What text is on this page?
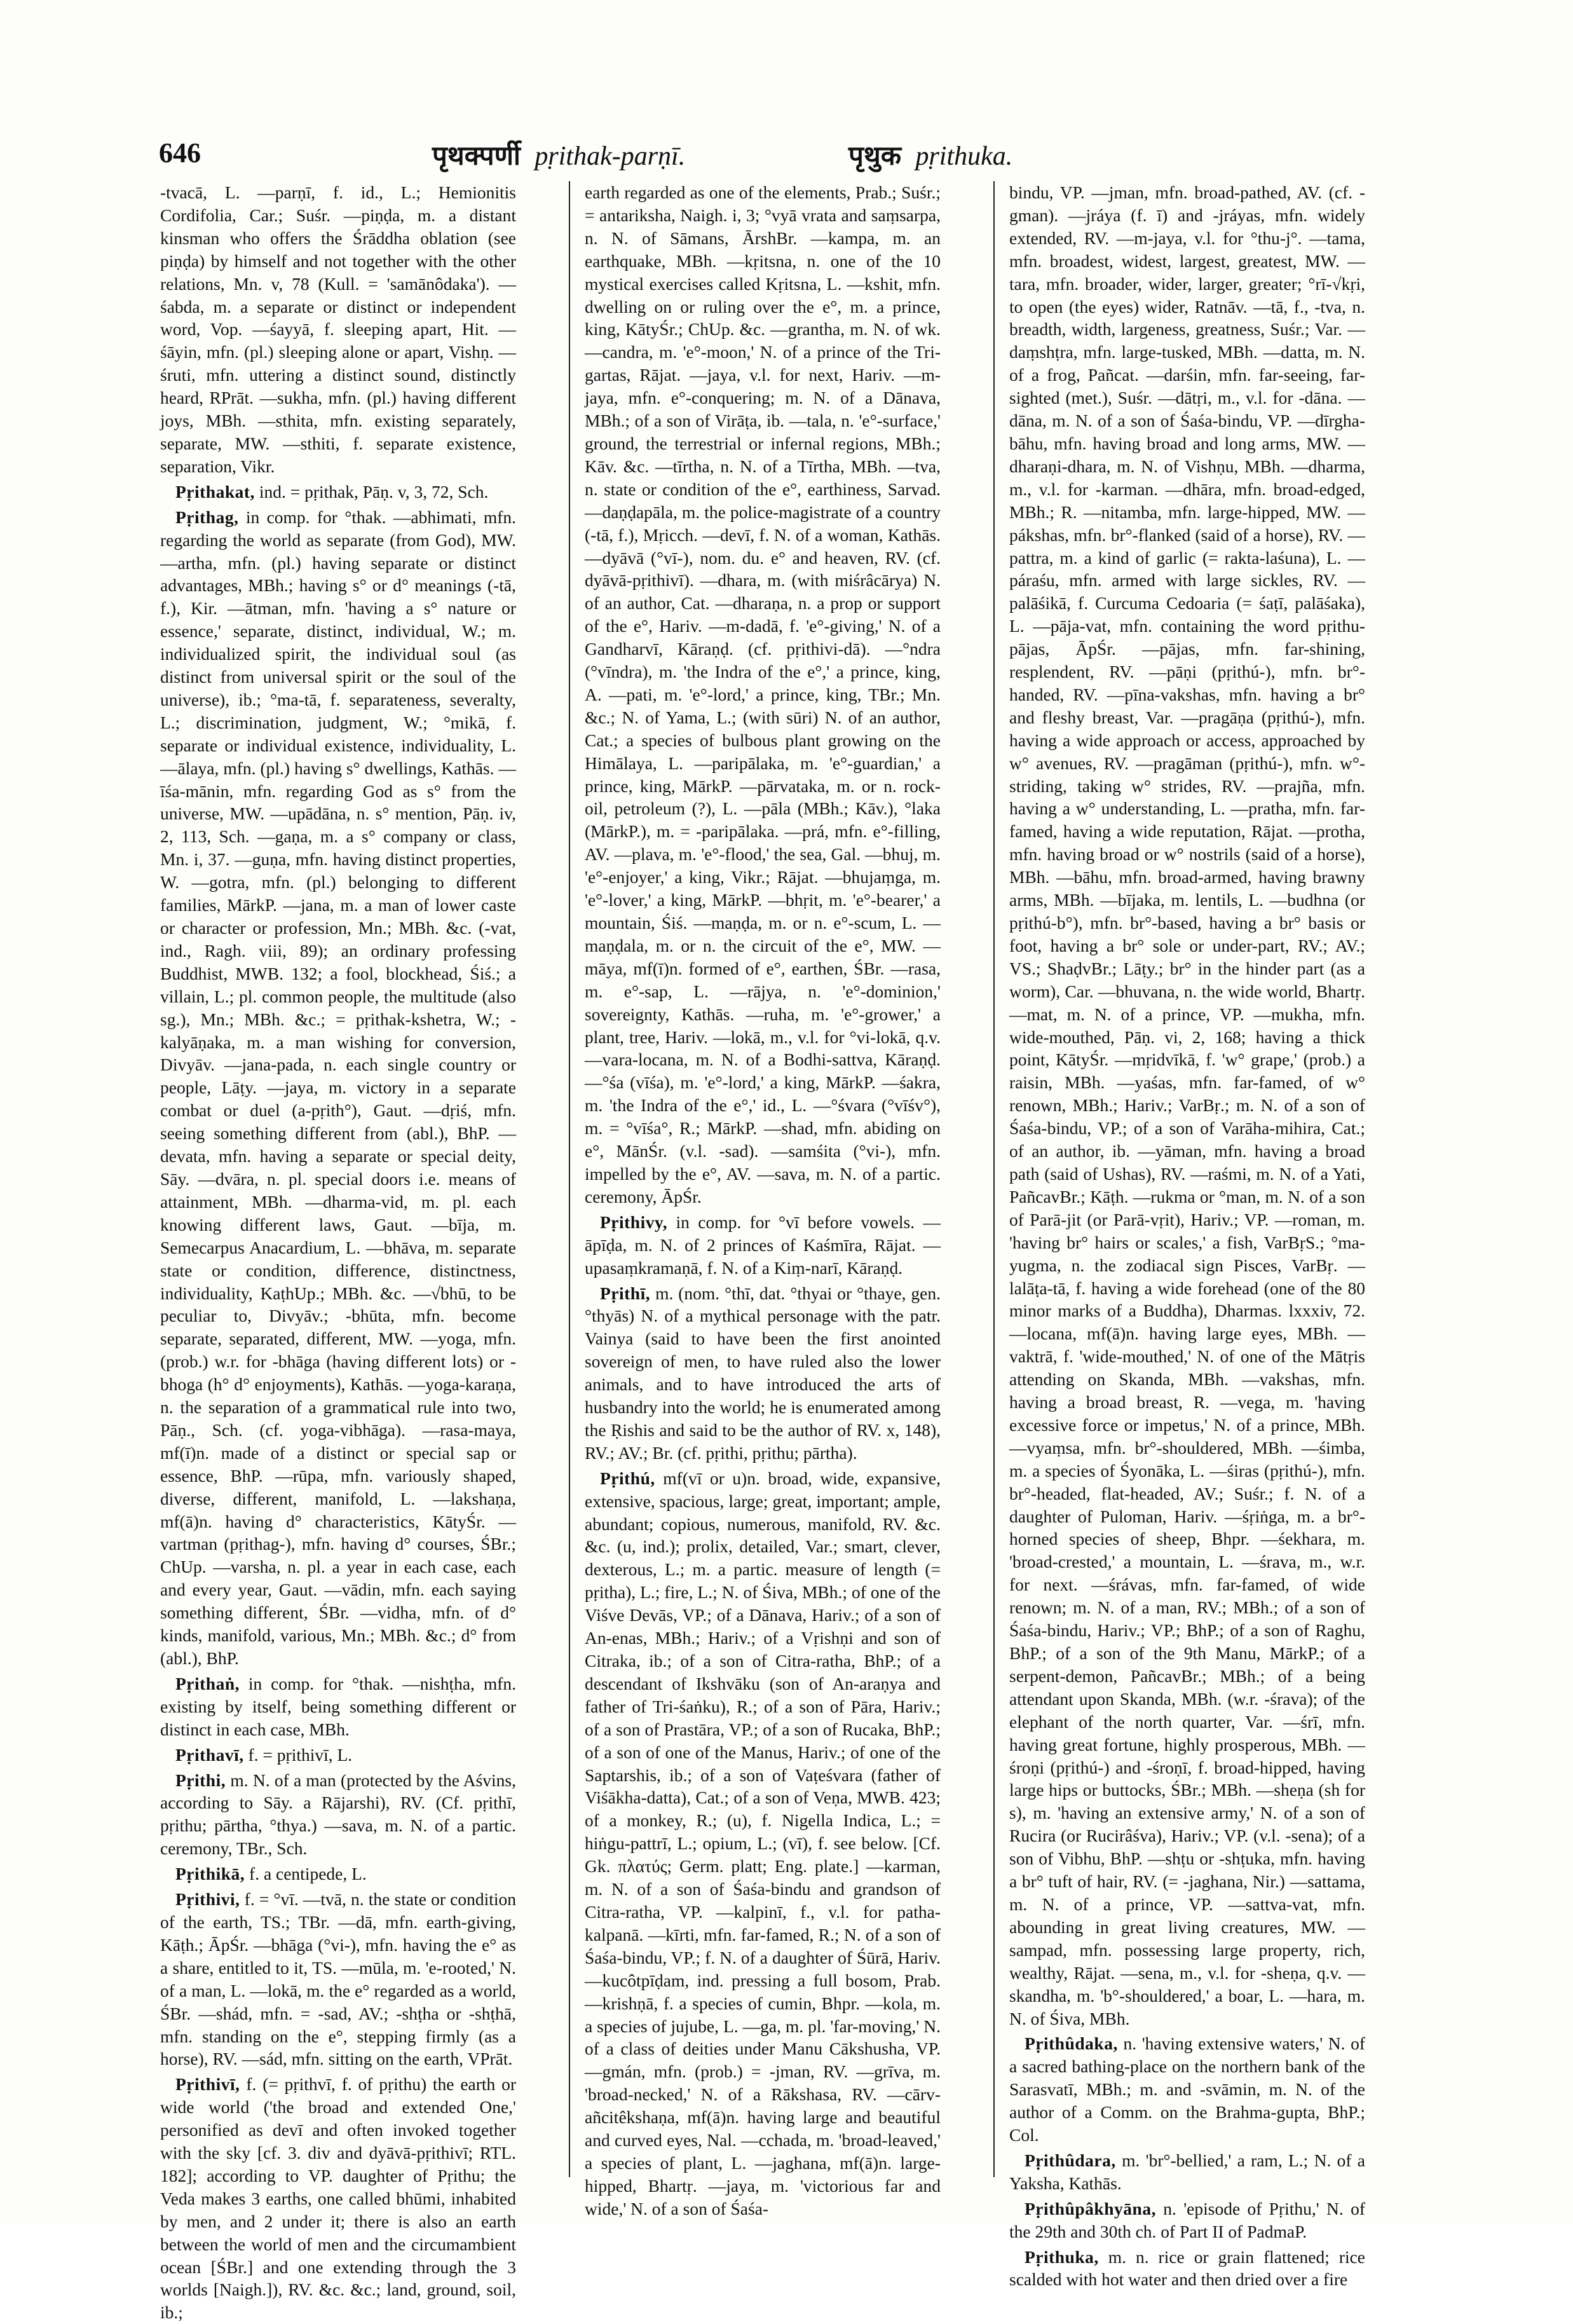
646	पृथक्पर्णी pṛithak-parṇī.	पृथुक pṛithuka.

-tvacā, L. —parṇī, f. id., L.; Hemionitis Cordifolia, Car.; Suśr. —piṇḍa, m. a distant kinsman who offers the Śrāddha oblation (see piṇḍa) by himself and not together with the other relations, Mn. v, 78 (Kull. = 'samānôdaka'). —śabda, m. a separate or distinct or independent word, Vop. —śayyā, f. sleeping apart, Hit. —śāyin, mfn. (pl.) sleeping alone or apart, Vishṇ. —śruti, mfn. uttering a distinct sound, distinctly heard, RPrāt. —sukha, mfn. (pl.) having different joys, MBh. —sthita, mfn. existing separately, separate, MW. —sthiti, f. separate existence, separation, Vikr.

Pṛithakat, ind. = pṛithak, Pāṇ. v, 3, 72, Sch.

Pṛithag, in comp. for °thak. —abhimati, mfn. regarding the world as separate (from God), MW. —artha, mfn. (pl.) having separate or distinct advantages, MBh.; having s° or d° meanings (-tā, f.), Kir. —ātman, mfn. 'having a s° nature or essence,' separate, distinct, individual, W.; m. individualized spirit, the individual soul (as distinct from universal spirit or the soul of the universe), ib.; °ma-tā, f. separateness, severalty, L.; discrimination, judgment, W.; °mikā, f. separate or individual existence, individuality, L. —ālaya, mfn. (pl.) having s° dwellings, Kathās. —īśa-mānin, mfn. regarding God as s° from the universe, MW. —upādāna, n. s° mention, Pāṇ. iv, 2, 113, Sch. —gaṇa, m. a s° company or class, Mn. i, 37. —guṇa, mfn. having distinct properties, W. —gotra, mfn. (pl.) belonging to different families, MārkP. —jana, m. a man of lower caste or character or profession, Mn.; MBh. &c. (-vat, ind., Ragh. viii, 89); an ordinary professing Buddhist, MWB. 132; a fool, blockhead, Śiś.; a villain, L.; pl. common people, the multitude (also sg.), Mn.; MBh. &c.; = pṛithak-kshetra, W.; -kalyāṇaka, m. a man wishing for conversion, Divyāv. —jana-pada, n. each single country or people, Lāṭy. —jaya, m. victory in a separate combat or duel (a-pṛith°), Gaut. —dṛiś, mfn. seeing something different from (abl.), BhP. —devata, mfn. having a separate or special deity, Sāy. —dvāra, n. pl. special doors i.e. means of attainment, MBh. —dharma-vid, m. pl. each knowing different laws, Gaut. —bīja, m. Semecarpus Anacardium, L. —bhāva, m. separate state or condition, difference, distinctness, individuality, KaṭhUp.; MBh. &c. —√bhū, to be peculiar to, Divyāv.; -bhūta, mfn. become separate, separated, different, MW. —yoga, mfn. (prob.) w.r. for -bhāga (having different lots) or -bhoga (h° d° enjoyments), Kathās. —yoga-karaṇa, n. the separation of a grammatical rule into two, Pāṇ., Sch. (cf. yoga-vibhāga). —rasa-maya, mf(ī)n. made of a distinct or special sap or essence, BhP. —rūpa, mfn. variously shaped, diverse, different, manifold, L. —lakshaṇa, mf(ā)n. having d° characteristics, KātyŚr. —vartman (pṛithag-), mfn. having d° courses, ŚBr.; ChUp. —varsha, n. pl. a year in each case, each and every year, Gaut. —vādin, mfn. each saying something different, ŚBr. —vidha, mfn. of d° kinds, manifold, various, Mn.; MBh. &c.; d° from (abl.), BhP.

Pṛithaṅ, in comp. for °thak. —nishṭha, mfn. existing by itself, being something different or distinct in each case, MBh.

Pṛithavī, f. = pṛithivī, L.

Pṛithi, m. N. of a man (protected by the Aśvins, according to Sāy. a Rājarshi), RV. (Cf. pṛithī, pṛithu; pārtha, °thya.) —sava, m. N. of a partic. ceremony, TBr., Sch.

Pṛithikā, f. a centipede, L.

Pṛithivi, f. = °vī. —tvā, n. the state or condition of the earth, TS.; TBr. —dā, mfn. earth-giving, Kāṭh.; ĀpŚr. —bhāga (°vi-), mfn. having the e° as a share, entitled to it, TS. —mūla, m. 'e-rooted,' N. of a man, L. —lokā, m. the e° regarded as a world, ŚBr. —shád, mfn. = -sad, AV.; -shṭha or -shṭhā, mfn. standing on the e°, stepping firmly (as a horse), RV. —sád, mfn. sitting on the earth, VPrāt.

Pṛithivī, f. (= pṛithvī, f. of pṛithu) the earth or wide world ('the broad and extended One,' personified as devī and often invoked together with the sky [cf. 3. div and dyāvā-pṛithivī; RTL. 182]; according to VP. daughter of Pṛithu; the Veda makes 3 earths, one called bhūmi, inhabited by men, and 2 under it; there is also an earth between the world of men and the circumambient ocean [ŚBr.] and one extending through the 3 worlds [Naigh.]), RV. &c. &c.; land, ground, soil, ib.;

earth regarded as one of the elements, Prab.; Suśr.; = antariksha, Naigh. i, 3; °vyā vrata and saṃsarpa, n. N. of Sāmans, ĀrshBr. —kampa, m. an earthquake, MBh. —kṛitsna, n. one of the 10 mystical exercises called Kṛitsna, L. —kshit, mfn. dwelling on or ruling over the e°, m. a prince, king, KātyŚr.; ChUp. &c. —grantha, m. N. of wk. —candra, m. 'e°-moon,' N. of a prince of the Tri-gartas, Rājat. —jaya, v.l. for next, Hariv. —m-jaya, mfn. e°-conquering; m. N. of a Dānava, MBh.; of a son of Virāṭa, ib. —tala, n. 'e°-surface,' ground, the terrestrial or infernal regions, MBh.; Kāv. &c. —tīrtha, n. N. of a Tīrtha, MBh. —tva, n. state or condition of the e°, earthiness, Sarvad. —daṇḍapāla, m. the police-magistrate of a country (-tā, f.), Mṛicch. —devī, f. N. of a woman, Kathās. —dyāvā (°vī-), nom. du. e° and heaven, RV. (cf. dyāvā-pṛithivī). —dhara, m. (with miśrâcārya) N. of an author, Cat. —dharaṇa, n. a prop or support of the e°, Hariv. —m-dadā, f. 'e°-giving,' N. of a Gandharvī, Kāraṇḍ. (cf. pṛithivi-dā). —°ndra (°vīndra), m. 'the Indra of the e°,' a prince, king, A. —pati, m. 'e°-lord,' a prince, king, TBr.; Mn. &c.; N. of Yama, L.; (with sūri) N. of an author, Cat.; a species of bulbous plant growing on the Himālaya, L. —paripālaka, m. 'e°-guardian,' a prince, king, MārkP. —pārvataka, m. or n. rock-oil, petroleum (?), L. —pāla (MBh.; Kāv.), °laka (MārkP.), m. = -paripālaka. —prá, mfn. e°-filling, AV. —plava, m. 'e°-flood,' the sea, Gal. —bhuj, m. 'e°-enjoyer,' a king, Vikr.; Rājat. —bhujaṃga, m. 'e°-lover,' a king, MārkP. —bhṛit, m. 'e°-bearer,' a mountain, Śiś. —maṇḍa, m. or n. e°-scum, L. —maṇḍala, m. or n. the circuit of the e°, MW. —māya, mf(ī)n. formed of e°, earthen, ŚBr. —rasa, m. e°-sap, L. —rājya, n. 'e°-dominion,' sovereignty, Kathās. —ruha, m. 'e°-grower,' a plant, tree, Hariv. —lokā, m., v.l. for °vi-lokā, q.v. —vara-locana, m. N. of a Bodhi-sattva, Kāraṇḍ. —°śa (vīśa), m. 'e°-lord,' a king, MārkP. —śakra, m. 'the Indra of the e°,' id., L. —°śvara (°vīśv°), m. = °vīśa°, R.; MārkP. —shad, mfn. abiding on e°, MānŚr. (v.l. -sad). —samśita (°vi-), mfn. impelled by the e°, AV. —sava, m. N. of a partic. ceremony, ĀpŚr.

Pṛithivy, in comp. for °vī before vowels. —āpīḍa, m. N. of 2 princes of Kaśmīra, Rājat. —upasaṃkramaṇā, f. N. of a Kiṃ-narī, Kāraṇḍ.

Pṛithī, m. (nom. °thī, dat. °thyai or °thaye, gen. °thyās) N. of a mythical personage with the patr. Vainya (said to have been the first anointed sovereign of men, to have ruled also the lower animals, and to have introduced the arts of husbandry into the world; he is enumerated among the Ṛishis and said to be the author of RV. x, 148), RV.; AV.; Br. (cf. pṛithi, pṛithu; pārtha).

Pṛithú, mf(vī or u)n. broad, wide, expansive, extensive, spacious, large; great, important; ample, abundant; copious, numerous, manifold, RV. &c. &c. (u, ind.); prolix, detailed, Var.; smart, clever, dexterous, L.; m. a partic. measure of length (= pṛitha), L.; fire, L.; N. of Śiva, MBh.; of one of the Viśve Devās, VP.; of a Dānava, Hariv.; of a son of An-enas, MBh.; Hariv.; of a Vṛishṇi and son of Citraka, ib.; of a son of Citra-ratha, BhP.; of a descendant of Ikshvāku (son of An-araṇya and father of Tri-śaṅku), R.; of a son of Pāra, Hariv.; of a son of Prastāra, VP.; of a son of Rucaka, BhP.; of a son of one of the Manus, Hariv.; of one of the Saptarshis, ib.; of a son of Vaṭeśvara (father of Viśākha-datta), Cat.; of a son of Veṇa, MWB. 423; of a monkey, R.; (u), f. Nigella Indica, L.; = hiṅgu-pattrī, L.; opium, L.; (vī), f. see below. [Cf. Gk. πλατύς; Germ. platt; Eng. plate.] —karman, m. N. of a son of Śaśa-bindu and grandson of Citra-ratha, VP. —kalpinī, f., v.l. for patha-kalpanā. —kīrti, mfn. far-famed, R.; N. of a son of Śaśa-bindu, VP.; f. N. of a daughter of Śūrā, Hariv. —kucôtpīḍam, ind. pressing a full bosom, Prab. —krishṇā, f. a species of cumin, Bhpr. —kola, m. a species of jujube, L. —ga, m. pl. 'far-moving,' N. of a class of deities under Manu Cākshusha, VP. —gmán, mfn. (prob.) = -jman, RV. —grīva, m. 'broad-necked,' N. of a Rākshasa, RV. —cārv-añcitêkshaṇa, mf(ā)n. having large and beautiful and curved eyes, Nal. —cchada, m. 'broad-leaved,' a species of plant, L. —jaghana, mf(ā)n. large-hipped, Bhartṛ. —jaya, m. 'victorious far and wide,' N. of a son of Śaśa-

bindu, VP. —jman, mfn. broad-pathed, AV. (cf. -gman). —jráya (f. ī) and -jráyas, mfn. widely extended, RV. —m-jaya, v.l. for °thu-j°. —tama, mfn. broadest, widest, largest, greatest, MW. —tara, mfn. broader, wider, larger, greater; °rī-√kṛi, to open (the eyes) wider, Ratnāv. —tā, f., -tva, n. breadth, width, largeness, greatness, Suśr.; Var. —daṃshṭra, mfn. large-tusked, MBh. —datta, m. N. of a frog, Pañcat. —darśin, mfn. far-seeing, far-sighted (met.), Suśr. —dātṛi, m., v.l. for -dāna. —dāna, m. N. of a son of Śaśa-bindu, VP. —dīrgha-bāhu, mfn. having broad and long arms, MW. —dharaṇi-dhara, m. N. of Vishṇu, MBh. —dharma, m., v.l. for -karman. —dhāra, mfn. broad-edged, MBh.; R. —nitamba, mfn. large-hipped, MW. —pákshas, mfn. br°-flanked (said of a horse), RV. —pattra, m. a kind of garlic (= rakta-laśuna), L. —páraśu, mfn. armed with large sickles, RV. —palāśikā, f. Curcuma Cedoaria (= śaṭī, palāśaka), L. —pāja-vat, mfn. containing the word pṛithu-pājas, ĀpŚr. —pājas, mfn. far-shining, resplendent, RV. —pāṇi (pṛithú-), mfn. br°-handed, RV. —pīna-vakshas, mfn. having a br° and fleshy breast, Var. —pragāṇa (pṛithú-), mfn. having a wide approach or access, approached by w° avenues, RV. —pragāman (pṛithú-), mfn. w°-striding, taking w° strides, RV. —prajña, mfn. having a w° understanding, L. —pratha, mfn. far-famed, having a wide reputation, Rājat. —protha, mfn. having broad or w° nostrils (said of a horse), MBh. —bāhu, mfn. broad-armed, having brawny arms, MBh. —bījaka, m. lentils, L. —budhna (or pṛithú-b°), mfn. br°-based, having a br° basis or foot, having a br° sole or under-part, RV.; AV.; VS.; ShaḍvBr.; Lāṭy.; br° in the hinder part (as a worm), Car. —bhuvana, n. the wide world, Bhartṛ. —mat, m. N. of a prince, VP. —mukha, mfn. wide-mouthed, Pāṇ. vi, 2, 168; having a thick point, KātyŚr. —mṛidvīkā, f. 'w° grape,' (prob.) a raisin, MBh. —yaśas, mfn. far-famed, of w° renown, MBh.; Hariv.; VarBṛ.; m. N. of a son of Śaśa-bindu, VP.; of a son of Varāha-mihira, Cat.; of an author, ib. —yāman, mfn. having a broad path (said of Ushas), RV. —raśmi, m. N. of a Yati, PañcavBr.; Kāṭh. —rukma or °man, m. N. of a son of Parā-jit (or Parā-vṛit), Hariv.; VP. —roman, m. 'having br° hairs or scales,' a fish, VarBṛS.; °ma-yugma, n. the zodiacal sign Pisces, VarBṛ. —lalāṭa-tā, f. having a wide forehead (one of the 80 minor marks of a Buddha), Dharmas. lxxxiv, 72. —locana, mf(ā)n. having large eyes, MBh. —vaktrā, f. 'wide-mouthed,' N. of one of the Mātṛis attending on Skanda, MBh. —vakshas, mfn. having a broad breast, R. —vega, m. 'having excessive force or impetus,' N. of a prince, MBh. —vyaṃsa, mfn. br°-shouldered, MBh. —śimba, m. a species of Śyonāka, L. —śiras (pṛithú-), mfn. br°-headed, flat-headed, AV.; Suśr.; f. N. of a daughter of Puloman, Hariv. —śṛiṅga, m. a br°-horned species of sheep, Bhpr. —śekhara, m. 'broad-crested,' a mountain, L. —śrava, m., w.r. for next. —śrávas, mfn. far-famed, of wide renown; m. N. of a man, RV.; MBh.; of a son of Śaśa-bindu, Hariv.; VP.; BhP.; of a son of Raghu, BhP.; of a son of the 9th Manu, MārkP.; of a serpent-demon, PañcavBr.; MBh.; of a being attendant upon Skanda, MBh. (w.r. -śrava); of the elephant of the north quarter, Var. —śrī, mfn. having great fortune, highly prosperous, MBh. —śroṇi (pṛithú-) and -śroṇī, f. broad-hipped, having large hips or buttocks, ŚBr.; MBh. —sheṇa (sh for s), m. 'having an extensive army,' N. of a son of Rucira (or Rucirâśva), Hariv.; VP. (v.l. -sena); of a son of Vibhu, BhP. —shṭu or -shṭuka, mfn. having a br° tuft of hair, RV. (= -jaghana, Nir.) —sattama, m. N. of a prince, VP. —sattva-vat, mfn. abounding in great living creatures, MW. —sampad, mfn. possessing large property, rich, wealthy, Rājat. —sena, m., v.l. for -sheṇa, q.v. —skandha, m. 'b°-shouldered,' a boar, L. —hara, m. N. of Śiva, MBh.

Pṛithûdaka, n. 'having extensive waters,' N. of a sacred bathing-place on the northern bank of the Sarasvatī, MBh.; m. and -svāmin, m. N. of the author of a Comm. on the Brahma-gupta, BhP.; Col.

Pṛithûdara, m. 'br°-bellied,' a ram, L.; N. of a Yaksha, Kathās.

Pṛithûpâkhyāna, n. 'episode of Pṛithu,' N. of the 29th and 30th ch. of Part II of PadmaP.

Pṛithuka, m. n. rice or grain flattened; rice scalded with hot water and then dried over a fire
